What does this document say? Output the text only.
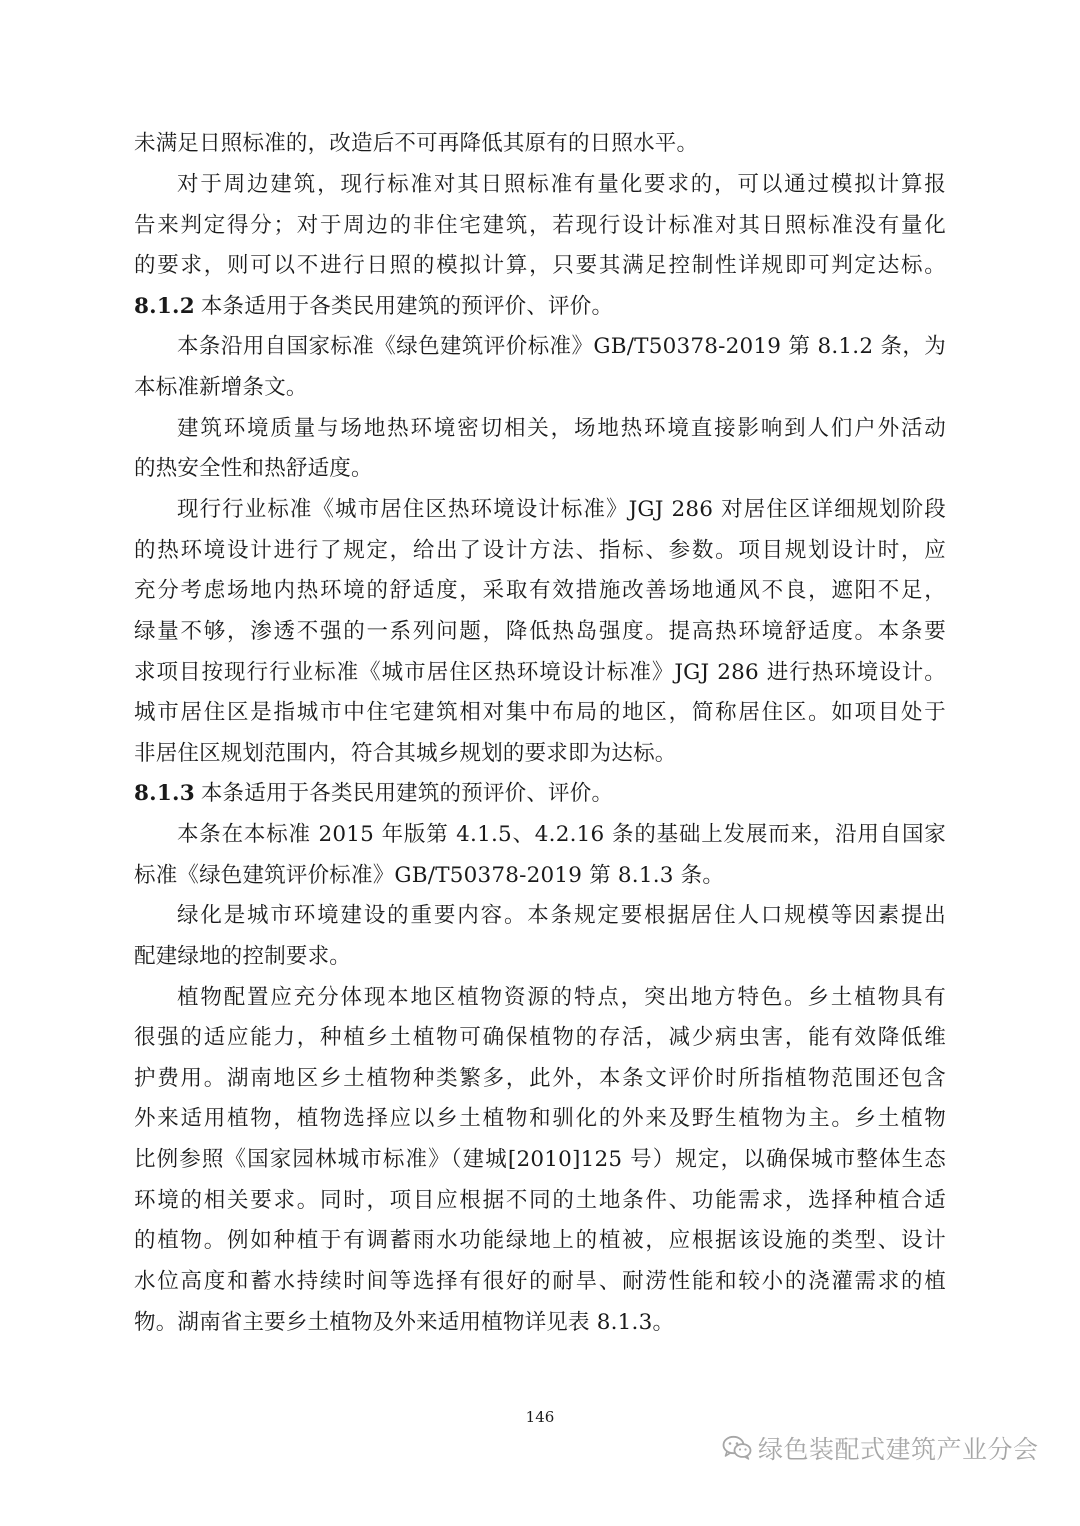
未满足日照标准的，改造后不可再降低其原有的日照水平。
对于周边建筑，现行标准对其日照标准有量化要求的，可以通过模拟计算报
告来判定得分；对于周边的非住宅建筑，若现行设计标准对其日照标准没有量化
的要求，则可以不进行日照的模拟计算，只要其满足控制性详规即可判定达标。
8.1.2 本条适用于各类民用建筑的预评价、评价。
本条沿用自国家标准《绿色建筑评价标准》GB/T50378-2019 第 8.1.2 条，为
本标准新增条文。
建筑环境质量与场地热环境密切相关，场地热环境直接影响到人们户外活动
的热安全性和热舒适度。
现行行业标准《城市居住区热环境设计标准》JGJ 286 对居住区详细规划阶段
的热环境设计进行了规定，给出了设计方法、指标、参数。项目规划设计时，应
充分考虑场地内热环境的舒适度，采取有效措施改善场地通风不良，遮阳不足，
绿量不够，渗透不强的一系列问题，降低热岛强度。提高热环境舒适度。本条要
求项目按现行行业标准《城市居住区热环境设计标准》JGJ 286 进行热环境设计。
城市居住区是指城市中住宅建筑相对集中布局的地区，简称居住区。如项目处于
非居住区规划范围内，符合其城乡规划的要求即为达标。
8.1.3 本条适用于各类民用建筑的预评价、评价。
本条在本标准 2015 年版第 4.1.5、4.2.16 条的基础上发展而来，沿用自国家
标准《绿色建筑评价标准》GB/T50378-2019 第 8.1.3 条。
绿化是城市环境建设的重要内容。本条规定要根据居住人口规模等因素提出
配建绿地的控制要求。
植物配置应充分体现本地区植物资源的特点，突出地方特色。乡土植物具有
很强的适应能力，种植乡土植物可确保植物的存活，减少病虫害，能有效降低维
护费用。湖南地区乡土植物种类繁多，此外，本条文评价时所指植物范围还包含
外来适用植物，植物选择应以乡土植物和驯化的外来及野生植物为主。乡土植物
比例参照《国家园林城市标准》（建城[2010]125 号）规定，以确保城市整体生态
环境的相关要求。同时，项目应根据不同的土地条件、功能需求，选择种植合适
的植物。例如种植于有调蓄雨水功能绿地上的植被，应根据该设施的类型、设计
水位高度和蓄水持续时间等选择有很好的耐旱、耐涝性能和较小的浇灌需求的植
物。湖南省主要乡土植物及外来适用植物详见表 8.1.3。
146
绿色装配式建筑产业分会
